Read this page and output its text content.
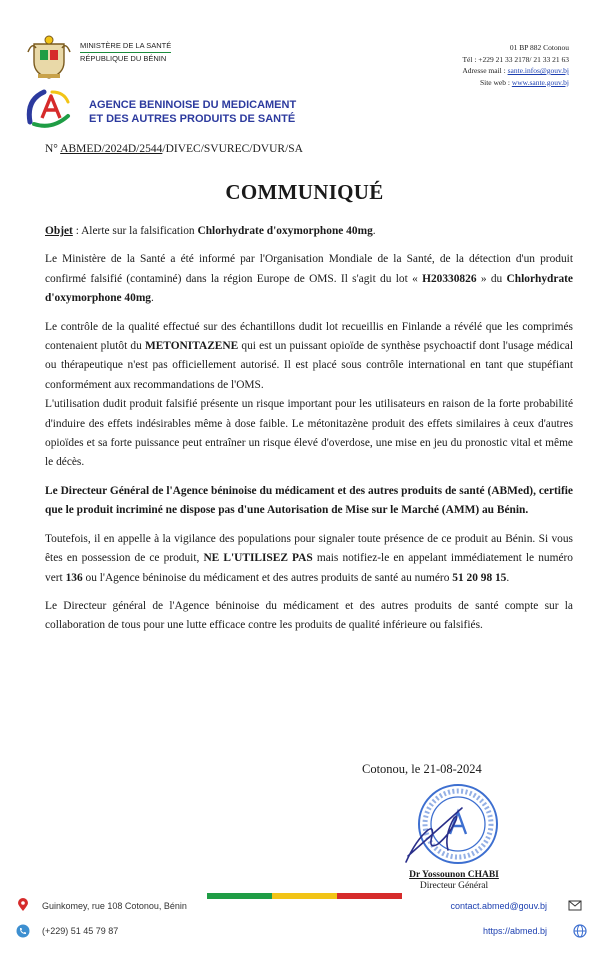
MINISTÈRE DE LA SANTÉ
RÉPUBLIQUE DU BÉNIN
01 BP 882 Cotonou
Tél : +229 21 33 2178/ 21 33 21 63
Adresse mail : sante.infos@gouv.bj
Site web : www.sante.gouv.bj
AGENCE BENINOISE DU MEDICAMENT
ET DES AUTRES PRODUITS DE SANTÉ
N° ABMED/2024D/2544/DIVEC/SVUREC/DVUR/SA
COMMUNIQUÉ

Objet : Alerte sur la falsification Chlorhydrate d'oxymorphone 40mg.

Le Ministère de la Santé a été informé par l'Organisation Mondiale de la Santé, de la détection d'un produit confirmé falsifié (contaminé) dans la région Europe de OMS. Il s'agit du lot « H20330826 » du Chlorhydrate d'oxymorphone 40mg.

Le contrôle de la qualité effectué sur des échantillons dudit lot recueillis en Finlande a révélé que les comprimés contenaient plutôt du METONITAZENE qui est un puissant opioïde de synthèse psychoactif dont l'usage médical ou thérapeutique n'est pas officiellement autorisé. Il est placé sous contrôle international en tant que stupéfiant conformément aux recommandations de l'OMS.

L'utilisation dudit produit falsifié présente un risque important pour les utilisateurs en raison de la forte probabilité d'induire des effets indésirables même à dose faible. Le métonitazène produit des effets similaires à ceux d'autres opioïdes et sa forte puissance peut entraîner un risque élevé d'overdose, une mise en jeu du pronostic vital et même le décès.

Le Directeur Général de l'Agence béninoise du médicament et des autres produits de santé (ABMed), certifie que le produit incriminé ne dispose pas d'une Autorisation de Mise sur le Marché (AMM) au Bénin.

Toutefois, il en appelle à la vigilance des populations pour signaler toute présence de ce produit au Bénin. Si vous êtes en possession de ce produit, NE L'UTILISEZ PAS mais notifiez-le en appelant immédiatement le numéro vert 136 ou l'Agence béninoise du médicament et des autres produits de santé au numéro 51 20 98 15.

Le Directeur général de l'Agence béninoise du médicament et des autres produits de santé compte sur la collaboration de tous pour une lutte efficace contre les produits de qualité inférieure ou falsifiés.

Cotonou, le 21-08-2024
Dr Yossounon CHABI
Directeur Général
Guinkomey, rue 108 Cotonou, Bénin
(+229) 51 45 79 87
contact.abmed@gouv.bj
https://abmed.bj
